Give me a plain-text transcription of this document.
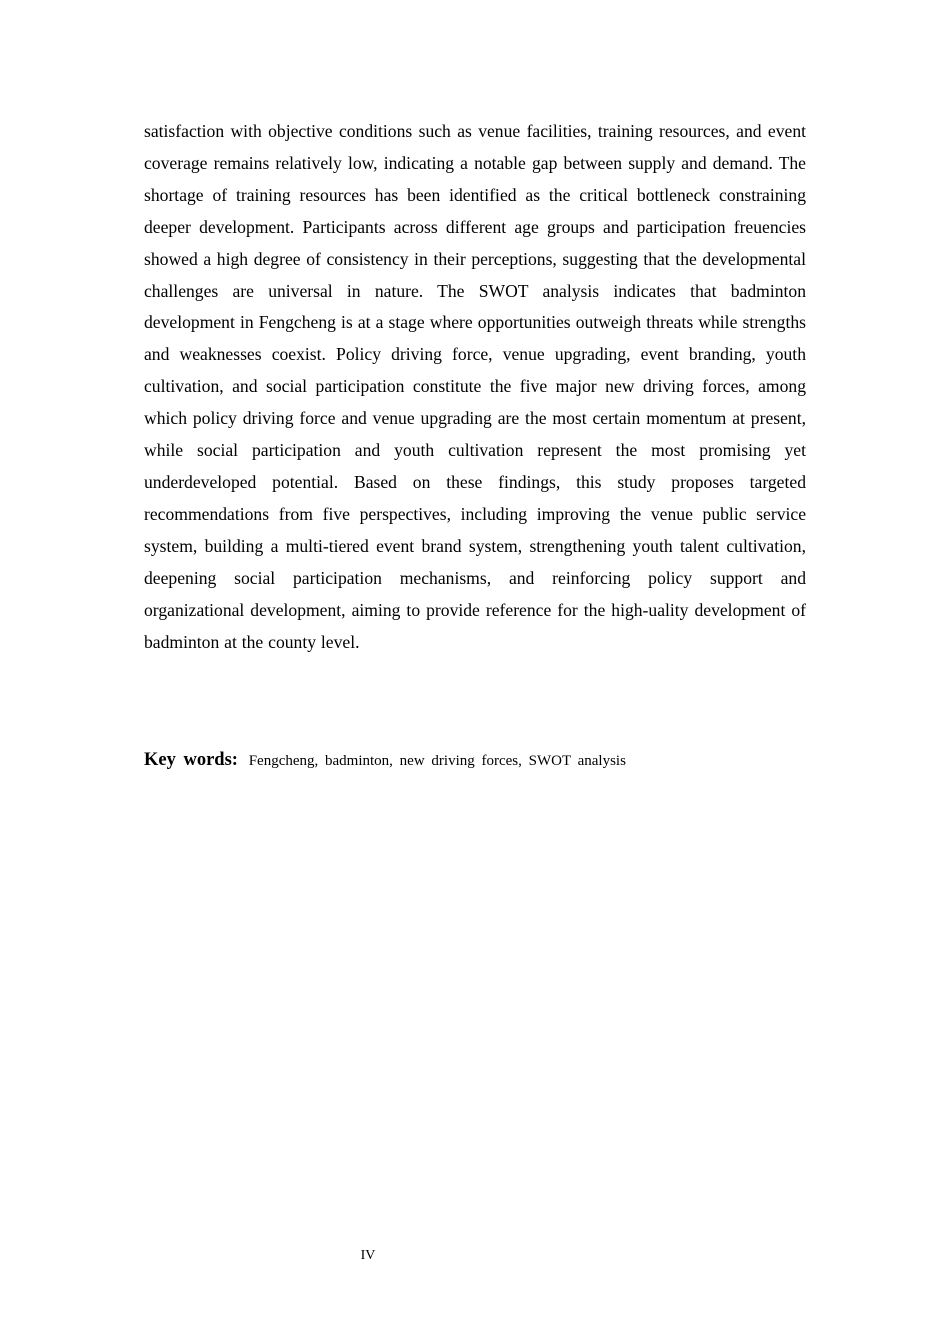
satisfaction with objective conditions such as venue facilities, training resources, and event coverage remains relatively low, indicating a notable gap between supply and demand. The shortage of training resources has been identified as the critical bottleneck constraining deeper development. Participants across different age groups and participation freuencies showed a high degree of consistency in their perceptions, suggesting that the developmental challenges are universal in nature. The SWOT analysis indicates that badminton development in Fengcheng is at a stage where opportunities outweigh threats while strengths and weaknesses coexist. Policy driving force, venue upgrading, event branding, youth cultivation, and social participation constitute the five major new driving forces, among which policy driving force and venue upgrading are the most certain momentum at present, while social participation and youth cultivation represent the most promising yet underdeveloped potential. Based on these findings, this study proposes targeted recommendations from five perspectives, including improving the venue public service system, building a multi-tiered event brand system, strengthening youth talent cultivation, deepening social participation mechanisms, and reinforcing policy support and organizational development, aiming to provide reference for the high-uality development of badminton at the county level.

Key words: Fengcheng, badminton, new driving forces, SWOT analysis

IV
